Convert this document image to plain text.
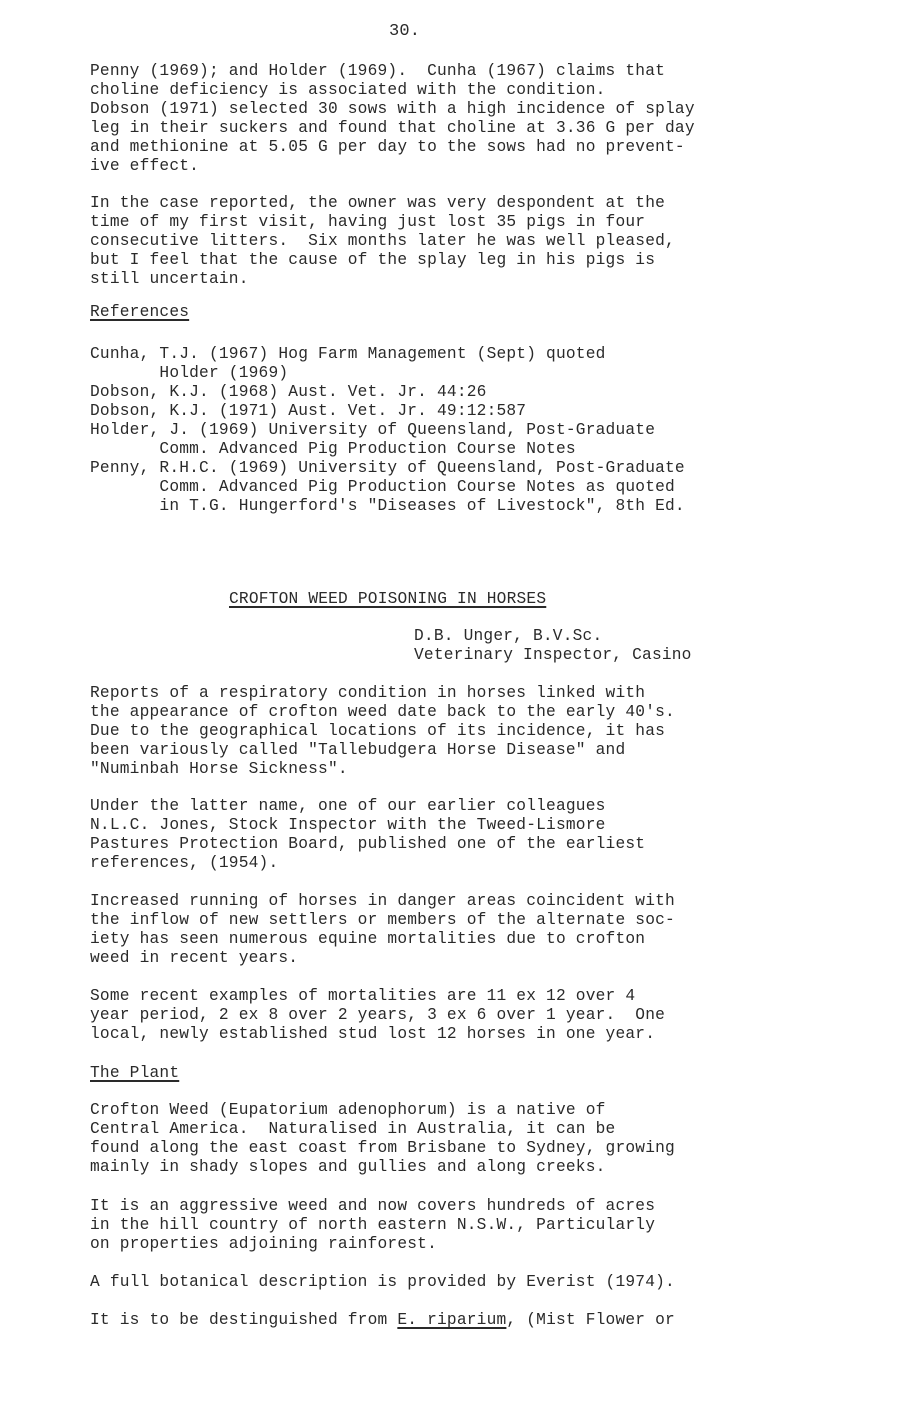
30.
Penny (1969); and Holder (1969).  Cunha (1967) claims that
choline deficiency is associated with the condition.
Dobson (1971) selected 30 sows with a high incidence of splay
leg in their suckers and found that choline at 3.36 G per day
and methionine at 5.05 G per day to the sows had no prevent-
ive effect.
In the case reported, the owner was very despondent at the
time of my first visit, having just lost 35 pigs in four
consecutive litters.  Six months later he was well pleased,
but I feel that the cause of the splay leg in his pigs is
still uncertain.
References
Cunha, T.J. (1967) Hog Farm Management (Sept) quoted
Holder (1969)
Dobson, K.J. (1968) Aust. Vet. Jr. 44:26
Dobson, K.J. (1971) Aust. Vet. Jr. 49:12:587
Holder, J. (1969) University of Queensland, Post-Graduate
Comm. Advanced Pig Production Course Notes
Penny, R.H.C. (1969) University of Queensland, Post-Graduate
Comm. Advanced Pig Production Course Notes as quoted
in T.G. Hungerford's "Diseases of Livestock", 8th Ed.
CROFTON WEED POISONING IN HORSES
D.B. Unger, B.V.Sc.
Veterinary Inspector, Casino
Reports of a respiratory condition in horses linked with
the appearance of crofton weed date back to the early 40's.
Due to the geographical locations of its incidence, it has
been variously called "Tallebudgera Horse Disease" and
"Numinbah Horse Sickness".
Under the latter name, one of our earlier colleagues
N.L.C. Jones, Stock Inspector with the Tweed-Lismore
Pastures Protection Board, published one of the earliest
references, (1954).
Increased running of horses in danger areas coincident with
the inflow of new settlers or members of the alternate soc-
iety has seen numerous equine mortalities due to crofton
weed in recent years.
Some recent examples of mortalities are 11 ex 12 over 4
year period, 2 ex 8 over 2 years, 3 ex 6 over 1 year.  One
local, newly established stud lost 12 horses in one year.
The Plant
Crofton Weed (Eupatorium adenophorum) is a native of
Central America.  Naturalised in Australia, it can be
found along the east coast from Brisbane to Sydney, growing
mainly in shady slopes and gullies and along creeks.
It is an aggressive weed and now covers hundreds of acres
in the hill country of north eastern N.S.W., Particularly
on properties adjoining rainforest.
A full botanical description is provided by Everist (1974).
It is to be destinguished from E. riparium, (Mist Flower or
